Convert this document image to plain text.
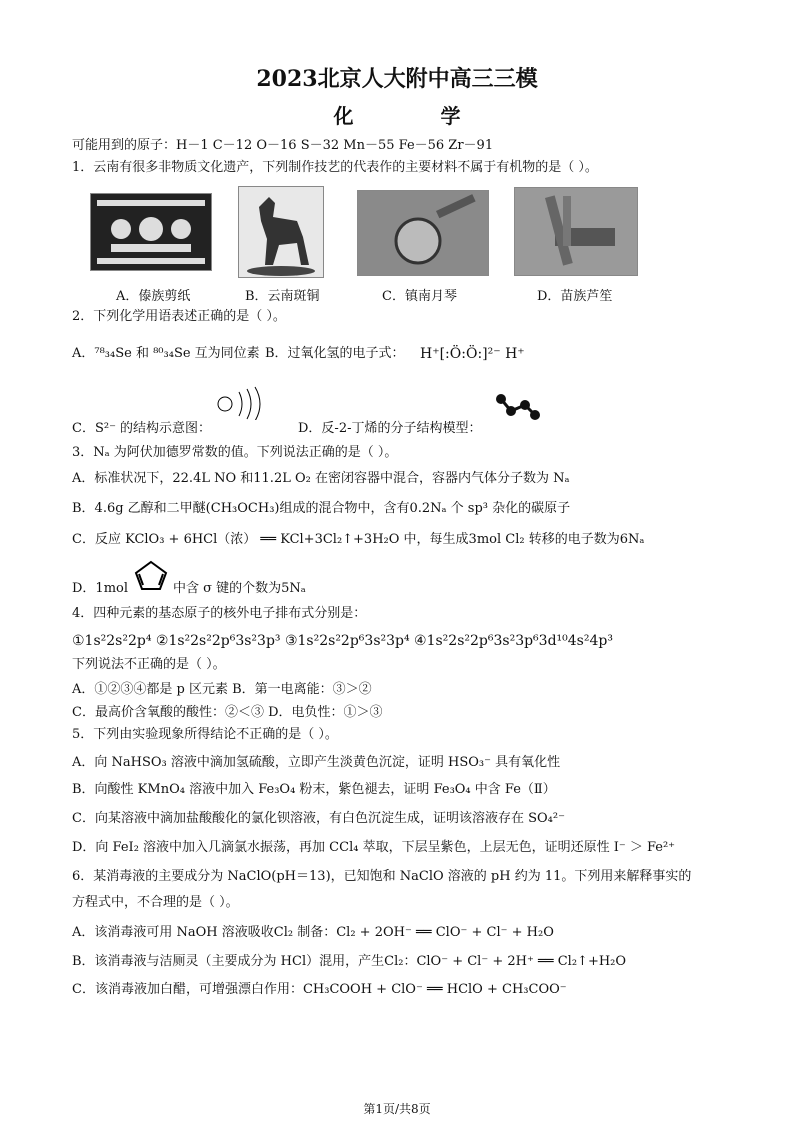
2023北京人大附中高三三模
化 学
可能用到的原子：H－1 C－12 O－16 S－32 Mn－55 Fe－56 Zr－91
1．云南有很多非物质文化遗产，下列制作技艺的代表作的主要材料不属于有机物的是（ ）。
A．傣族剪纸	B．云南斑铜	C．镇南月琴	D．苗族芦笙
2．下列化学用语表述正确的是（ ）。
A．⁷⁸₃₄Se 和 ⁸⁰₃₄Se 互为同位素 B．过氧化氢的电子式： H⁺[:Ö:Ö:]²⁻ H⁺
C．S²⁻ 的结构示意图：	D．反-2-丁烯的分子结构模型：
3．Nₐ 为阿伏加德罗常数的值。下列说法正确的是（ ）。
A．标准状况下，22.4L NO 和11.2L O₂ 在密闭容器中混合，容器内气体分子数为 Nₐ
B．4.6g 乙醇和二甲醚(CH₃OCH₃)组成的混合物中，含有0.2Nₐ 个 sp³ 杂化的碳原子
C．反应 KClO₃ + 6HCl（浓） ══ KCl+3Cl₂↑+3H₂O 中，每生成3mol Cl₂ 转移的电子数为6Nₐ
D．1mol	中含 σ 键的个数为5Nₐ
4．四种元素的基态原子的核外电子排布式分别是：
①1s²2s²2p⁴ ②1s²2s²2p⁶3s²3p³ ③1s²2s²2p⁶3s²3p⁴ ④1s²2s²2p⁶3s²3p⁶3d¹⁰4s²4p³
下列说法不正确的是（ ）。
A．①②③④都是 p 区元素 B．第一电离能：③＞②
C．最高价含氧酸的酸性：②＜③ D．电负性：①＞③
5．下列由实验现象所得结论不正确的是（ ）。
A．向 NaHSO₃ 溶液中滴加氢硫酸，立即产生淡黄色沉淀，证明 HSO₃⁻ 具有氧化性
B．向酸性 KMnO₄ 溶液中加入 Fe₃O₄ 粉末，紫色褪去，证明 Fe₃O₄ 中含 Fe（Ⅱ）
C．向某溶液中滴加盐酸酸化的氯化钡溶液，有白色沉淀生成，证明该溶液存在 SO₄²⁻
D．向 FeI₂ 溶液中加入几滴氯水振荡，再加 CCl₄ 萃取，下层呈紫色，上层无色，证明还原性 I⁻ ＞ Fe²⁺
6．某消毒液的主要成分为 NaClO(pH＝13)，已知饱和 NaClO 溶液的 pH 约为 11。下列用来解释事实的
方程式中，不合理的是（ ）。
A．该消毒液可用 NaOH 溶液吸收Cl₂ 制备：Cl₂ + 2OH⁻ ══ ClO⁻ + Cl⁻ + H₂O
B．该消毒液与洁厕灵（主要成分为 HCl）混用，产生Cl₂：ClO⁻ + Cl⁻ + 2H⁺ ══ Cl₂↑+H₂O
C．该消毒液加白醋，可增强漂白作用：CH₃COOH + ClO⁻ ══ HClO + CH₃COO⁻
第1页/共8页
